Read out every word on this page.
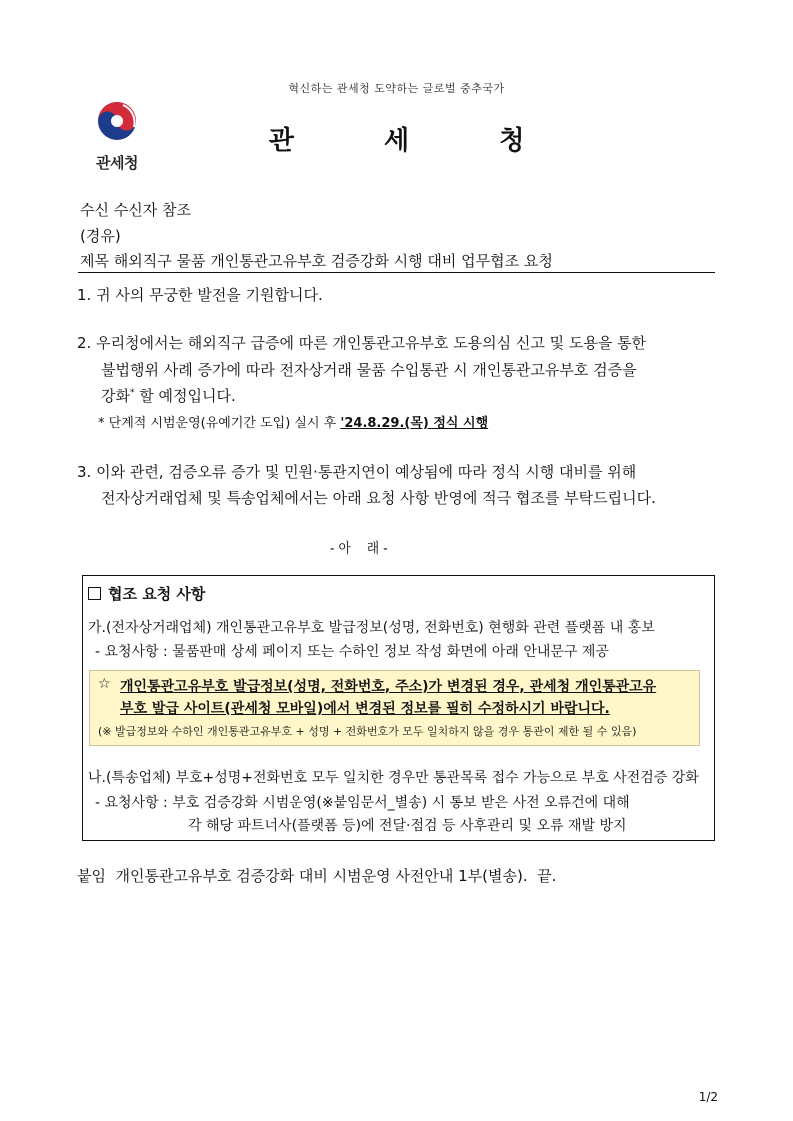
혁신하는 관세청 도약하는 글로벌 중추국가
관세청
관	세	청
수신 수신자 참조
(경유)
제목 해외직구 물품 개인통관고유부호 검증강화 시행 대비 업무협조 요청
1. 귀 사의 무궁한 발전을 기원합니다.
2. 우리청에서는 해외직구 급증에 따른 개인통관고유부호 도용의심 신고 및 도용을 통한
불법행위 사례 증가에 따라 전자상거래 물품 수입통관 시 개인통관고유부호 검증을
강화* 할 예정입니다.
* 단계적 시범운영(유예기간 도입) 실시 후 '24.8.29.(목) 정식 시행
3. 이와 관련, 검증오류 증가 및 민원·통관지연이 예상됨에 따라 정식 시행 대비를 위해
전자상거래업체 및 특송업체에서는 아래 요청 사항 반영에 적극 협조를 부탁드립니다.
- 아    래 -
협조 요청 사항
가.(전자상거래업체) 개인통관고유부호 발급정보(성명, 전화번호) 현행화 관련 플랫폼 내 홍보
- 요청사항 : 물품판매 상세 페이지 또는 수하인 정보 작성 화면에 아래 안내문구 제공
☆ 개인통관고유부호 발급정보(성명, 전화번호, 주소)가 변경된 경우, 관세청 개인통관고유
부호 발급 사이트(관세청 모바일)에서 변경된 정보를 필히 수정하시기 바랍니다.
(※ 발급정보와 수하인 개인통관고유부호 + 성명 + 전화번호가 모두 일치하지 않을 경우 통관이 제한 될 수 있음)
나.(특송업체) 부호+성명+전화번호 모두 일치한 경우만 통관목록 접수 가능으로 부호 사전검증 강화
- 요청사항 : 부호 검증강화 시범운영(※붙임문서_별송) 시 통보 받은 사전 오류건에 대해
각 해당 파트너사(플랫폼 등)에 전달·점검 등 사후관리 및 오류 재발 방지
붙임  개인통관고유부호 검증강화 대비 시범운영 사전안내 1부(별송).  끝.
1/2
